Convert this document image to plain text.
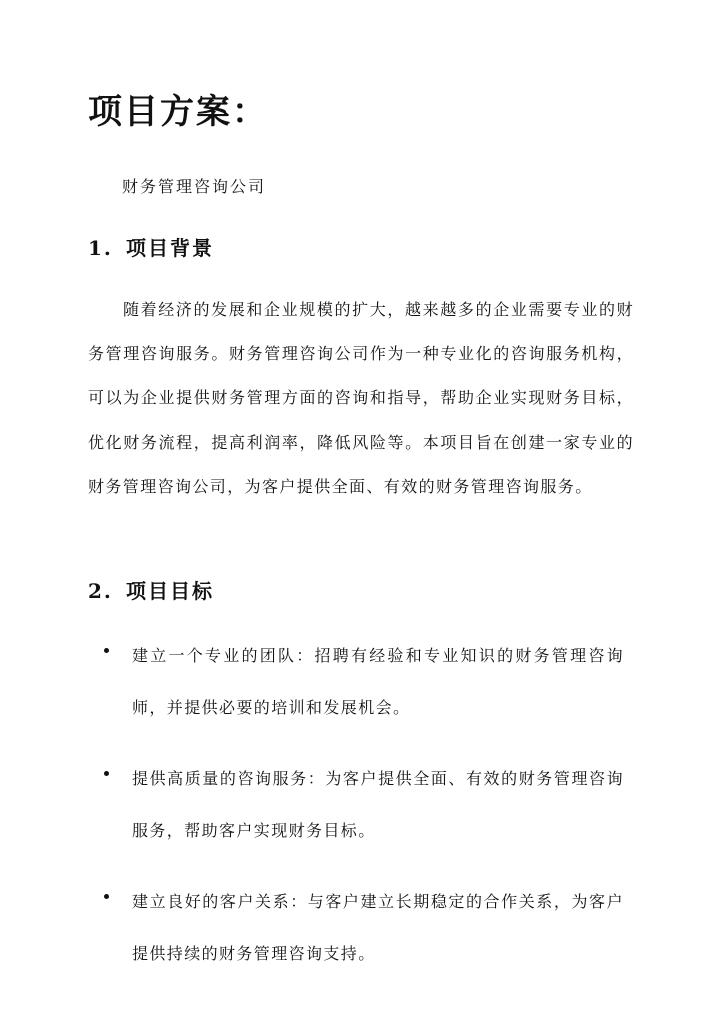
项目方案：
财务管理咨询公司
1. 项目背景

随着经济的发展和企业规模的扩大，越来越多的企业需要专业的财务管理咨询服务。财务管理咨询公司作为一种专业化的咨询服务机构，可以为企业提供财务管理方面的咨询和指导，帮助企业实现财务目标，优化财务流程，提高利润率，降低风险等。本项目旨在创建一家专业的财务管理咨询公司，为客户提供全面、有效的财务管理咨询服务。

2. 项目目标
建立一个专业的团队：招聘有经验和专业知识的财务管理咨询师，并提供必要的培训和发展机会。
提供高质量的咨询服务：为客户提供全面、有效的财务管理咨询服务，帮助客户实现财务目标。
建立良好的客户关系：与客户建立长期稳定的合作关系，为客户提供持续的财务管理咨询支持。
